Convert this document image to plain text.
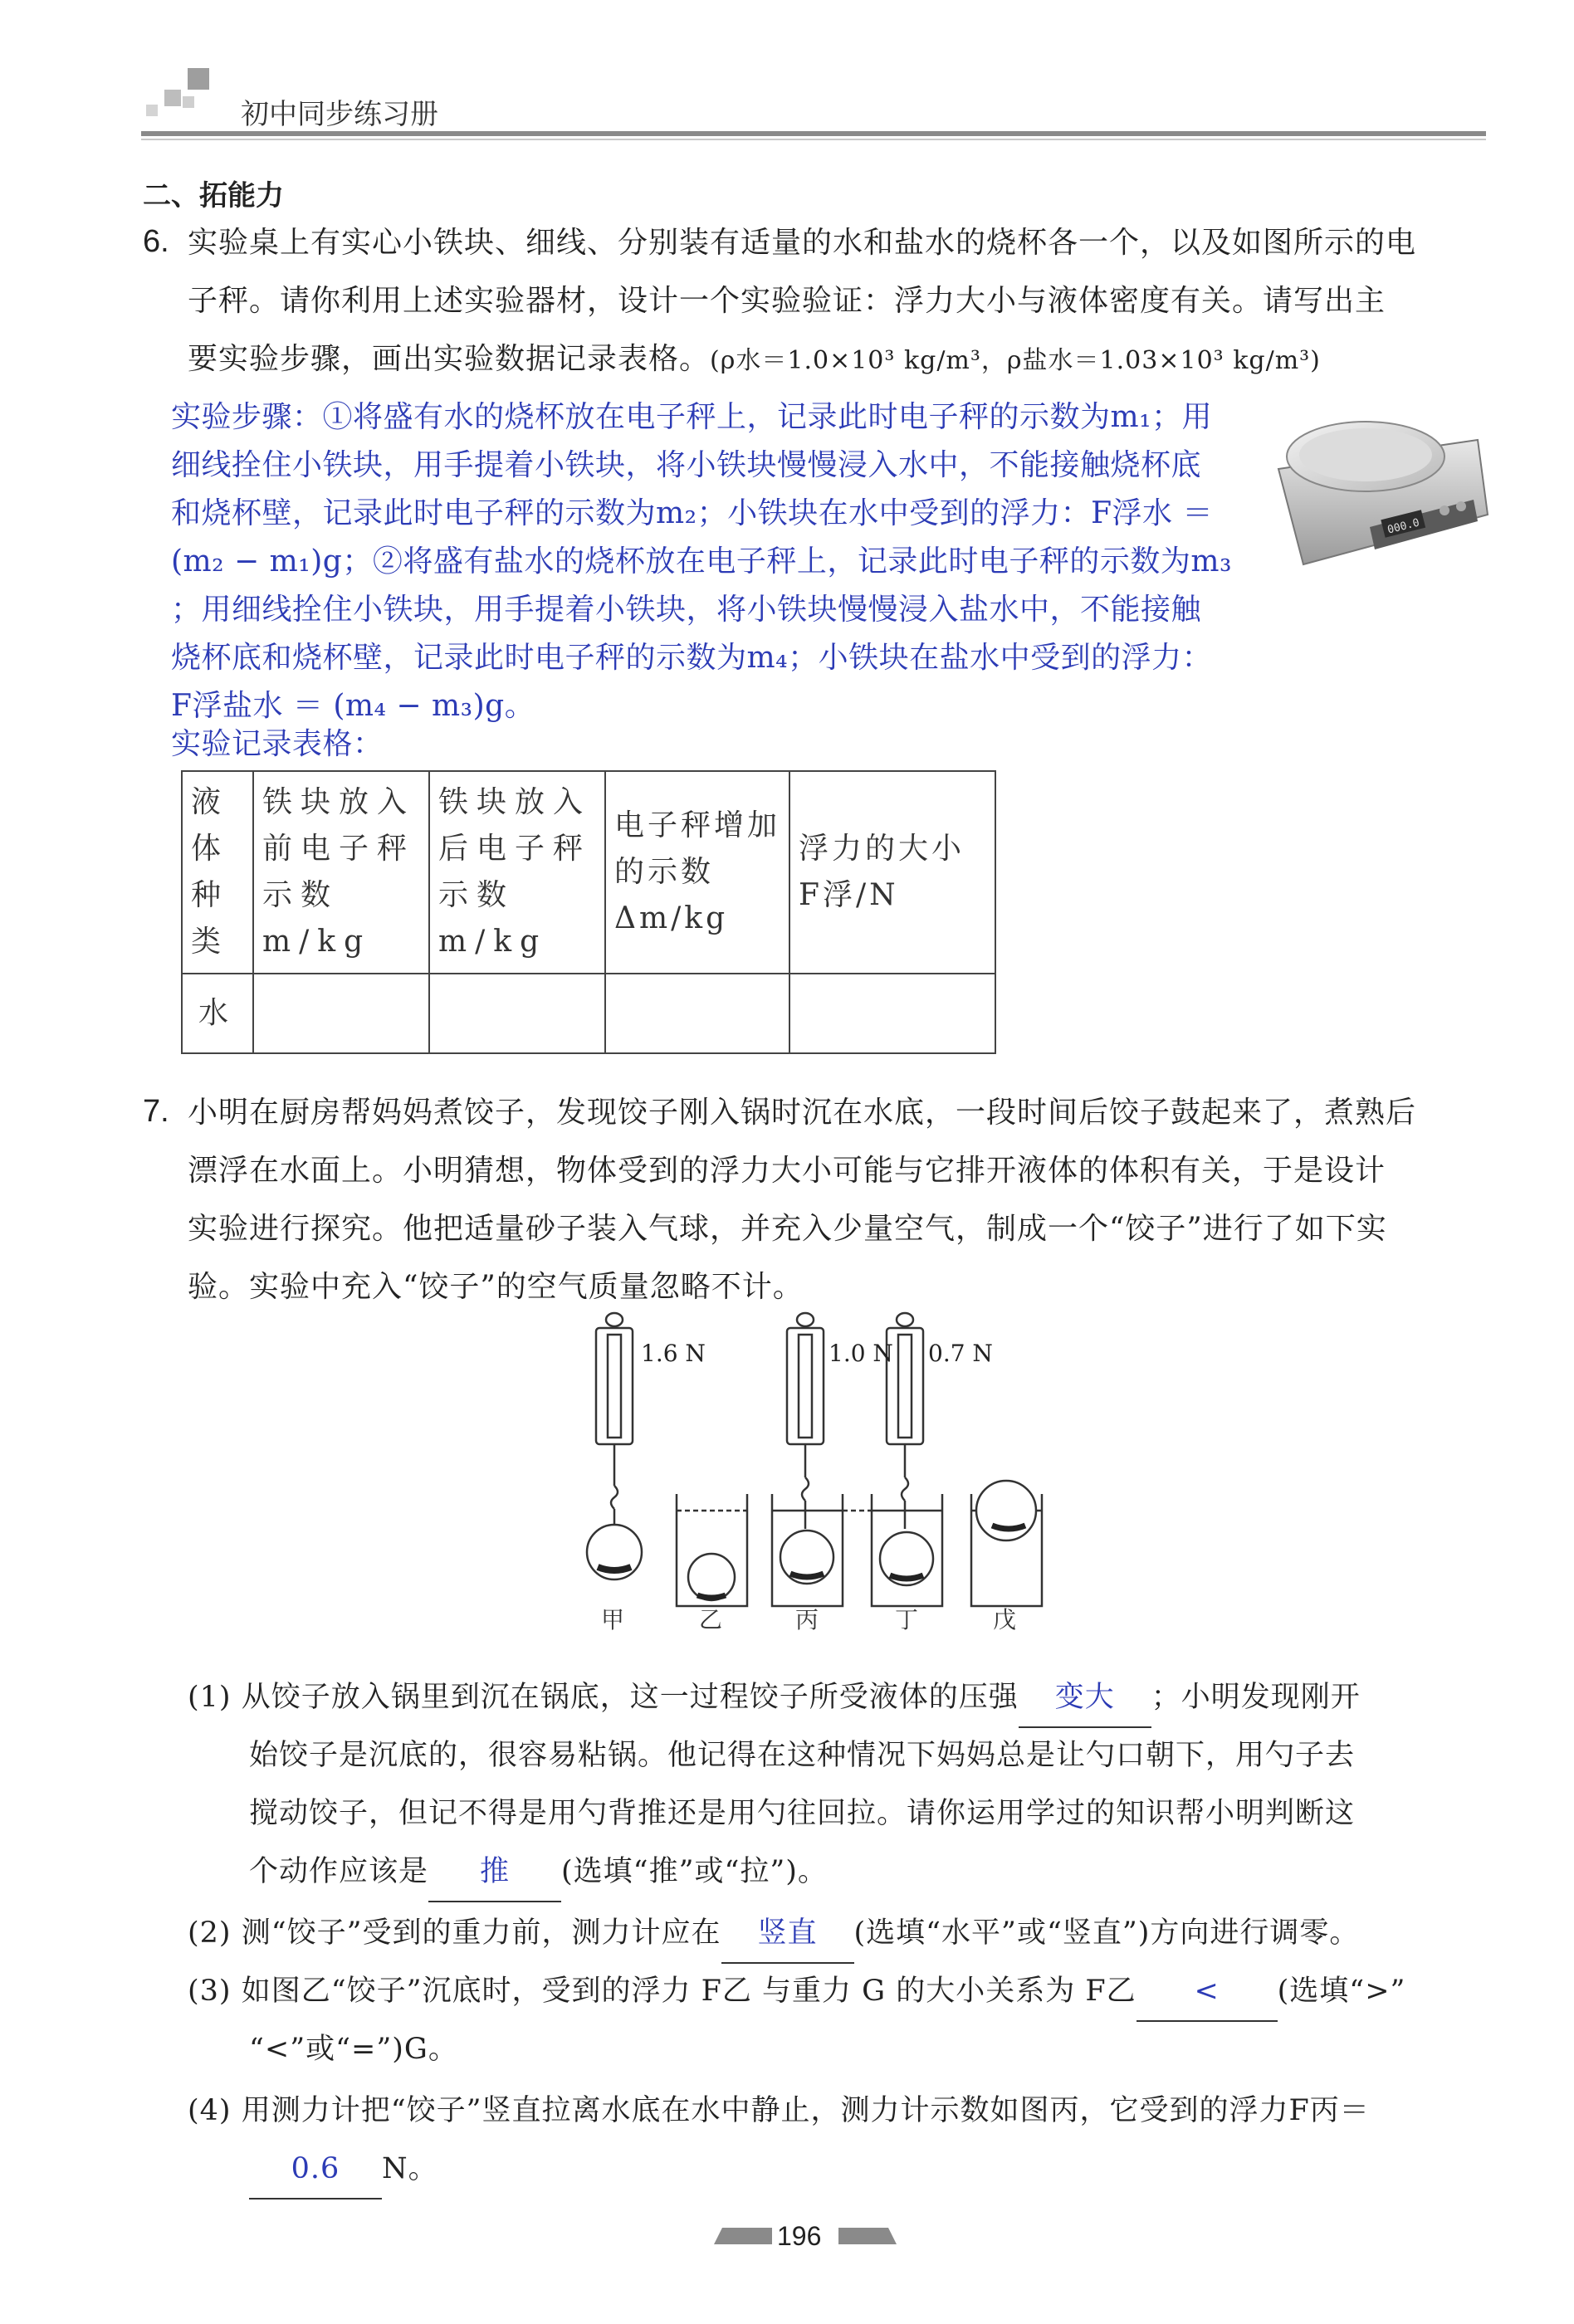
初中同步练习册
二、拓能力
6. 实验桌上有实心小铁块、细线、分别装有适量的水和盐水的烧杯各一个，以及如图所示的电
子秤。请你利用上述实验器材，设计一个实验验证：浮力大小与液体密度有关。请写出主
要实验步骤，画出实验数据记录表格。(ρ水＝1.0×10³ kg/m³，ρ盐水＝1.03×10³ kg/m³)
实验步骤：①将盛有水的烧杯放在电子秤上，记录此时电子秤的示数为m₁；用
细线拴住小铁块，用手提着小铁块，将小铁块慢慢浸入水中，不能接触烧杯底
和烧杯壁，记录此时电子秤的示数为m₂；小铁块在水中受到的浮力：F浮水 ＝
(m₂ − m₁)g；②将盛有盐水的烧杯放在电子秤上，记录此时电子秤的示数为m₃
；用细线拴住小铁块，用手提着小铁块，将小铁块慢慢浸入盐水中，不能接触
烧杯底和烧杯壁，记录此时电子秤的示数为m₄；小铁块在盐水中受到的浮力：
F浮盐水 ＝ (m₄ − m₃)g。
实验记录表格：
000.0
液体种类	铁块放入前电子秤示数m/kg	铁块放入后电子秤示数m/kg	电子秤增加的示数Δm/kg	浮力的大小F浮/N
水				
7. 小明在厨房帮妈妈煮饺子，发现饺子刚入锅时沉在水底，一段时间后饺子鼓起来了，煮熟后
漂浮在水面上。小明猜想，物体受到的浮力大小可能与它排开液体的体积有关，于是设计
实验进行探究。他把适量砂子装入气球，并充入少量空气，制成一个“饺子”进行了如下实
验。实验中充入“饺子”的空气质量忽略不计。
1.6 N	1.0 N 0.7 N
甲	乙	丙	丁	戊
(1) 从饺子放入锅里到沉在锅底，这一过程饺子所受液体的压强 变大 ；小明发现刚开
始饺子是沉底的，很容易粘锅。他记得在这种情况下妈妈总是让勺口朝下，用勺子去
搅动饺子，但记不得是用勺背推还是用勺往回拉。请你运用学过的知识帮小明判断这
个动作应该是 推 (选填“推”或“拉”)。
(2) 测“饺子”受到的重力前，测力计应在 竖直 (选填“水平”或“竖直”)方向进行调零。
(3) 如图乙“饺子”沉底时，受到的浮力 F乙 与重力 G 的大小关系为 F乙 < (选填“>”
“<”或“=”)G。
(4) 用测力计把“饺子”竖直拉离水底在水中静止，测力计示数如图丙，它受到的浮力F丙＝
0.6 N。
196
